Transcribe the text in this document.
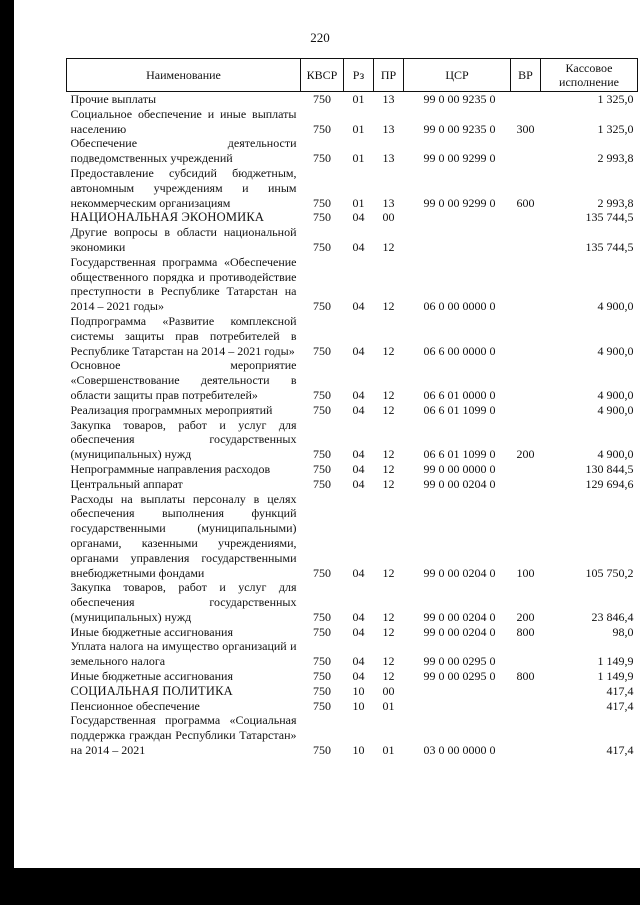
220
Наименование	КВСР	Рз	ПР	ЦСР	ВР	Кассовое исполнение
Прочие выплаты	750	01	13	99 0 00 9235 0		1 325,0
Социальное обеспечение и иные выплаты населению	750	01	13	99 0 00 9235 0	300	1 325,0
Обеспечение деятельности подведомственных учреждений	750	01	13	99 0 00 9299 0		2 993,8
Предоставление субсидий бюджетным, автономным учреждениям и иным некоммерческим организациям	750	01	13	99 0 00 9299 0	600	2 993,8
НАЦИОНАЛЬНАЯ ЭКОНОМИКА	750	04	00			135 744,5
Другие вопросы в области национальной экономики	750	04	12			135 744,5
Государственная программа «Обеспечение общественного порядка и противодействие преступности в Республике Татарстан на 2014 – 2021 годы»	750	04	12	06 0 00 0000 0		4 900,0
Подпрограмма «Развитие комплексной системы защиты прав потребителей в Республике Татарстан на 2014 – 2021 годы»	750	04	12	06 6 00 0000 0		4 900,0
Основное мероприятие «Совершенствование деятельности в области защиты прав потребителей»	750	04	12	06 6 01 0000 0		4 900,0
Реализация программных мероприятий	750	04	12	06 6 01 1099 0		4 900,0
Закупка товаров, работ и услуг для обеспечения государственных (муниципальных) нужд	750	04	12	06 6 01 1099 0	200	4 900,0
Непрограммные направления расходов	750	04	12	99 0 00 0000 0		130 844,5
Центральный аппарат	750	04	12	99 0 00 0204 0		129 694,6
Расходы на выплаты персоналу в целях обеспечения выполнения функций государственными (муниципальными) органами, казенными учреждениями, органами управления государственными внебюджетными фондами	750	04	12	99 0 00 0204 0	100	105 750,2
Закупка товаров, работ и услуг для обеспечения государственных (муниципальных) нужд	750	04	12	99 0 00 0204 0	200	23 846,4
Иные бюджетные ассигнования	750	04	12	99 0 00 0204 0	800	98,0
Уплата налога на имущество организаций и земельного налога	750	04	12	99 0 00 0295 0		1 149,9
Иные бюджетные ассигнования	750	04	12	99 0 00 0295 0	800	1 149,9
СОЦИАЛЬНАЯ ПОЛИТИКА	750	10	00			417,4
Пенсионное обеспечение	750	10	01			417,4
Государственная программа «Социальная поддержка граждан Республики Татарстан» на 2014 – 2021	750	10	01	03 0 00 0000 0		417,4
